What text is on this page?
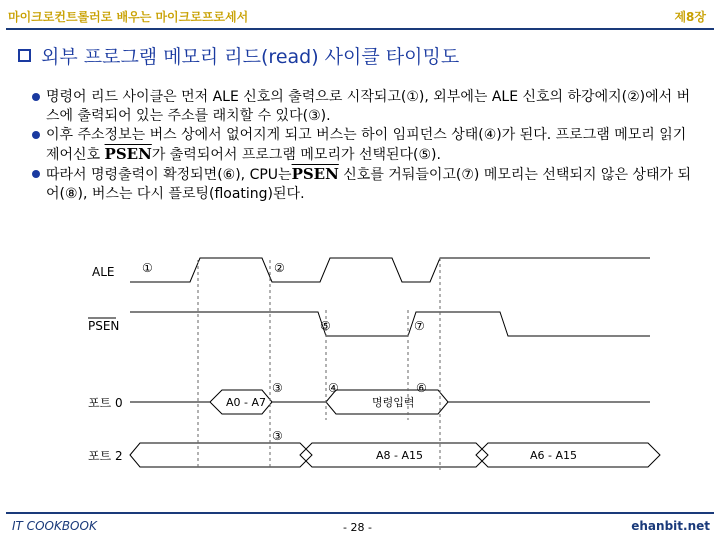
마이크로컨트롤러로 배우는 마이크로프로세서	제8장
외부 프로그램 메모리 리드(read) 사이클 타이밍도
명령어 리드 사이클은 먼저 ALE 신호의 출력으로 시작되고(①), 외부에는 ALE 신호의 하강에지(②)에서 버스에 출력되어 있는 주소를 래치할 수 있다(③).
이후 주소정보는 버스 상에서 없어지게 되고 버스는 하이 임피던스 상태(④)가 된다. 프로그램 메모리 읽기 제어신호 PSEN가 출력되어서 프로그램 메모리가 선택된다(⑤).
따라서 명령출력이 확정되면(⑥), CPU는PSEN 신호를 거둬들이고(⑦) 메모리는 선택되지 않은 상태가 되어(⑧), 버스는 다시 플로팅(floating)된다.
ALE
PSEN
포트 0
포트 2
①	②
⑤	⑦
③	④	⑥
③
A0 - A7	명령입력
A8 - A15	A6 - A15
IT COOKBOOK	- 28 -	ehanbit.net
